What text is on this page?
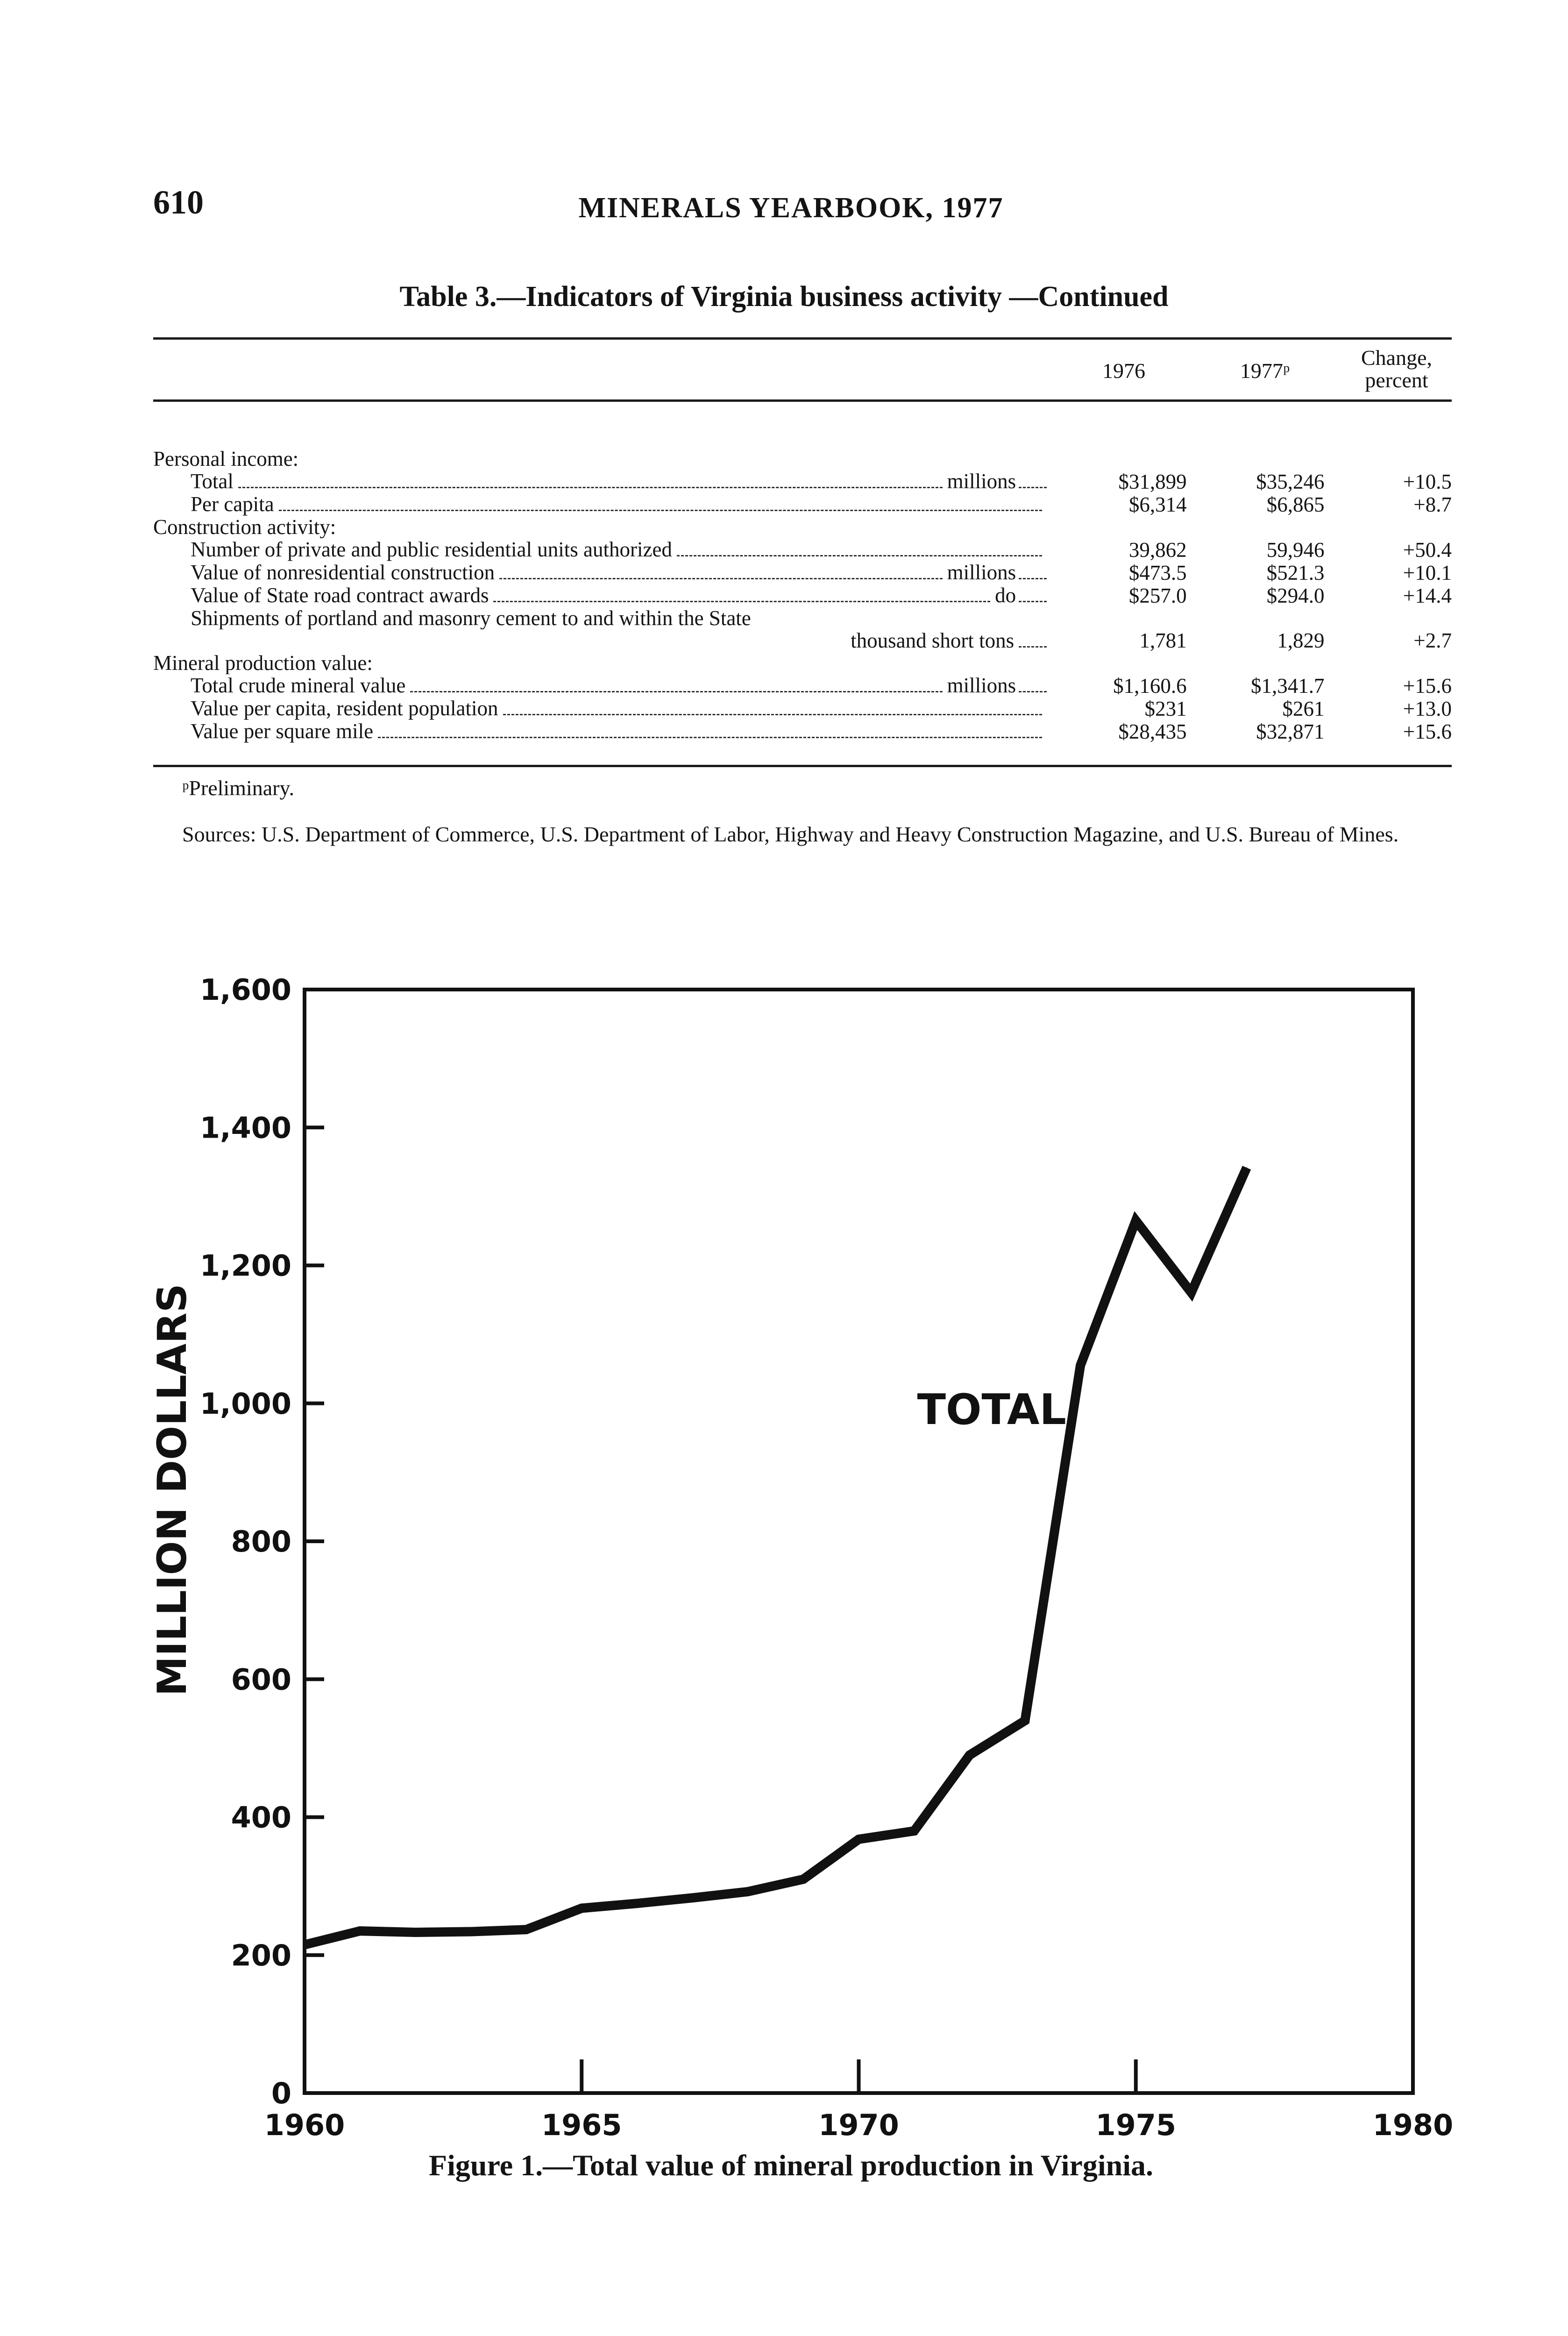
610	MINERALS YEARBOOK, 1977
Table 3.—Indicators of Virginia business activity —Continued
1976	1977ᵖ
Change,
percent
Personal income:			

Total millions	$31,899	$35,246	+10.5

Per capita	$6,314	$6,865	+8.7
Construction activity:			

Number of private and public residential units authorized	39,862	59,946	+50.4

Value of nonresidential construction millions	$473.5	$521.3	+10.1

Value of State road contract awards do	$257.0	$294.0	+14.4
Shipments of portland and masonry cement to and within the State			
thousand short tons	1,781	1,829	+2.7
Mineral production value:			

Total crude mineral value millions	$1,160.6	$1,341.7	+15.6

Value per capita, resident population	$231	$261	+13.0

Value per square mile	$28,435	$32,871	+15.6
ᵖPreliminary.
Sources: U.S. Department of Commerce, U.S. Department of Labor, Highway and Heavy Construction Magazine, and U.S. Bureau of Mines.
0
200
400
600
800
1,000
1,200
1,400
1,600
1960	1965	1970	1975	1980
MILLION DOLLARS	TOTAL
Figure 1.—Total value of mineral production in Virginia.
